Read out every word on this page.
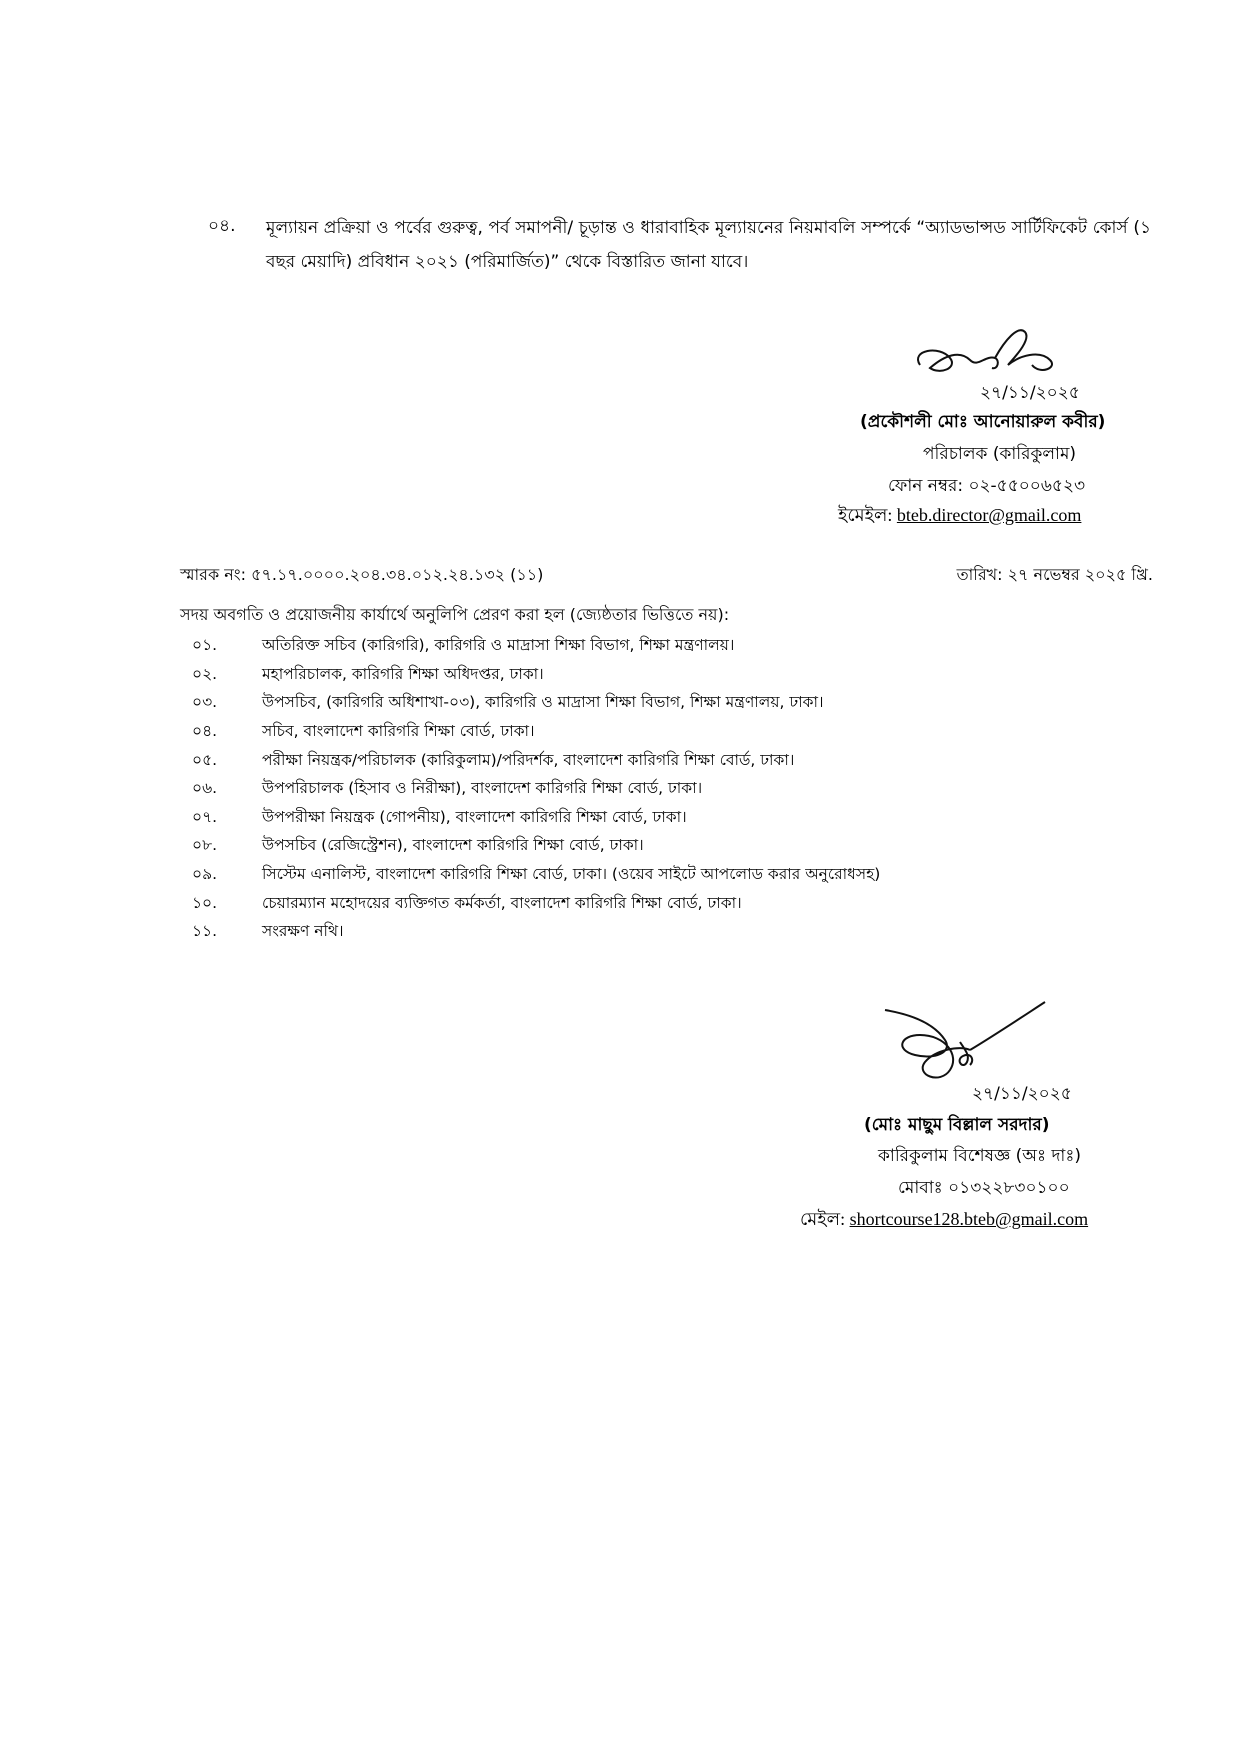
০৪. মূল্যায়ন প্রক্রিয়া ও পর্বের গুরুত্ব, পর্ব সমাপনী/ চূড়ান্ত ও ধারাবাহিক মূল্যায়নের নিয়মাবলি সম্পর্কে “অ্যাডভান্সড সার্টিফিকেট কোর্স (১ বছর মেয়াদি) প্রবিধান ২০২১ (পরিমার্জিত)” থেকে বিস্তারিত জানা যাবে।
২৭/১১/২০২৫
(প্রকৌশলী মোঃ আনোয়ারুল কবীর)
পরিচালক (কারিকুলাম)
ফোন নম্বর: ০২-৫৫০০৬৫২৩
ইমেইল: bteb.director@gmail.com
স্মারক নং: ৫৭.১৭.০০০০.২০৪.৩৪.০১২.২৪.১৩২ (১১)	তারিখ: ২৭ নভেম্বর ২০২৫ খ্রি.
সদয় অবগতি ও প্রয়োজনীয় কার্যার্থে অনুলিপি প্রেরণ করা হল (জ্যেষ্ঠতার ভিত্তিতে নয়):
০১.	অতিরিক্ত সচিব (কারিগরি), কারিগরি ও মাদ্রাসা শিক্ষা বিভাগ, শিক্ষা মন্ত্রণালয়।
০২.	মহাপরিচালক, কারিগরি শিক্ষা অধিদপ্তর, ঢাকা।
০৩.	উপসচিব, (কারিগরি অধিশাখা-০৩), কারিগরি ও মাদ্রাসা শিক্ষা বিভাগ, শিক্ষা মন্ত্রণালয়, ঢাকা।
০৪.	সচিব, বাংলাদেশ কারিগরি শিক্ষা বোর্ড, ঢাকা।
০৫.	পরীক্ষা নিয়ন্ত্রক/পরিচালক (কারিকুলাম)/পরিদর্শক, বাংলাদেশ কারিগরি শিক্ষা বোর্ড, ঢাকা।
০৬.	উপপরিচালক (হিসাব ও নিরীক্ষা), বাংলাদেশ কারিগরি শিক্ষা বোর্ড, ঢাকা।
০৭.	উপপরীক্ষা নিয়ন্ত্রক (গোপনীয়), বাংলাদেশ কারিগরি শিক্ষা বোর্ড, ঢাকা।
০৮.	উপসচিব (রেজিস্ট্রেশন), বাংলাদেশ কারিগরি শিক্ষা বোর্ড, ঢাকা।
০৯.	সিস্টেম এনালিস্ট, বাংলাদেশ কারিগরি শিক্ষা বোর্ড, ঢাকা। (ওয়েব সাইটে আপলোড করার অনুরোধসহ)
১০.	চেয়ারম্যান মহোদয়ের ব্যক্তিগত কর্মকর্তা, বাংলাদেশ কারিগরি শিক্ষা বোর্ড, ঢাকা।
১১.	সংরক্ষণ নথি।
২৭/১১/২০২৫
(মোঃ মাছুম বিল্লাল সরদার)
কারিকুলাম বিশেষজ্ঞ (অঃ দাঃ)
মোবাঃ ০১৩২২৮৩০১০০
মেইল: shortcourse128.bteb@gmail.com
